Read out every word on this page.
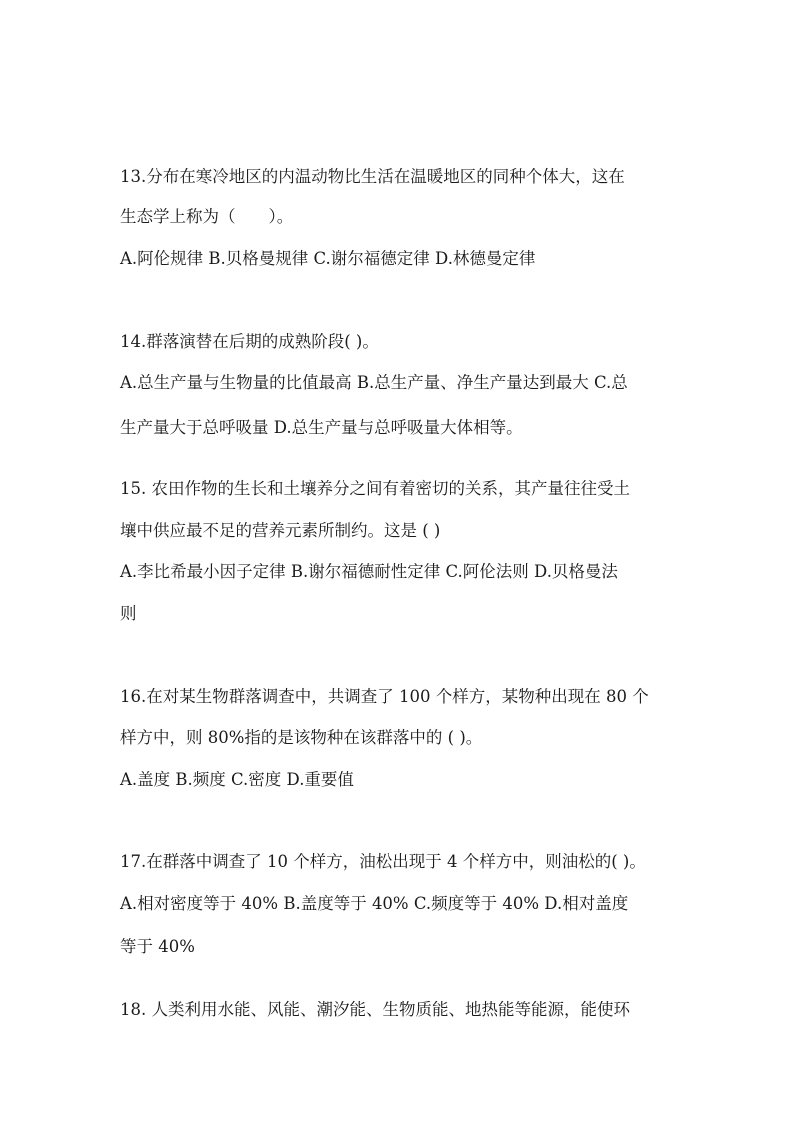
13.分布在寒冷地区的内温动物比生活在温暖地区的同种个体大，这在
生态学上称为（　　）。
A.阿伦规律 B.贝格曼规律 C.谢尔福德定律 D.林德曼定律
14.群落演替在后期的成熟阶段( )。
A.总生产量与生物量的比值最高 B.总生产量、净生产量达到最大 C.总
生产量大于总呼吸量 D.总生产量与总呼吸量大体相等。
15. 农田作物的生长和土壤养分之间有着密切的关系，其产量往往受土
壤中供应最不足的营养元素所制约。这是 ( )
A.李比希最小因子定律 B.谢尔福德耐性定律 C.阿伦法则 D.贝格曼法
则
16.在对某生物群落调查中，共调查了 100 个样方，某物种出现在 80 个
样方中，则 80%指的是该物种在该群落中的 ( )。
A.盖度 B.频度 C.密度 D.重要值
17.在群落中调查了 10 个样方，油松出现于 4 个样方中，则油松的( )。
A.相对密度等于 40% B.盖度等于 40% C.频度等于 40% D.相对盖度
等于 40%
18. 人类利用水能、风能、潮汐能、生物质能、地热能等能源，能使环
